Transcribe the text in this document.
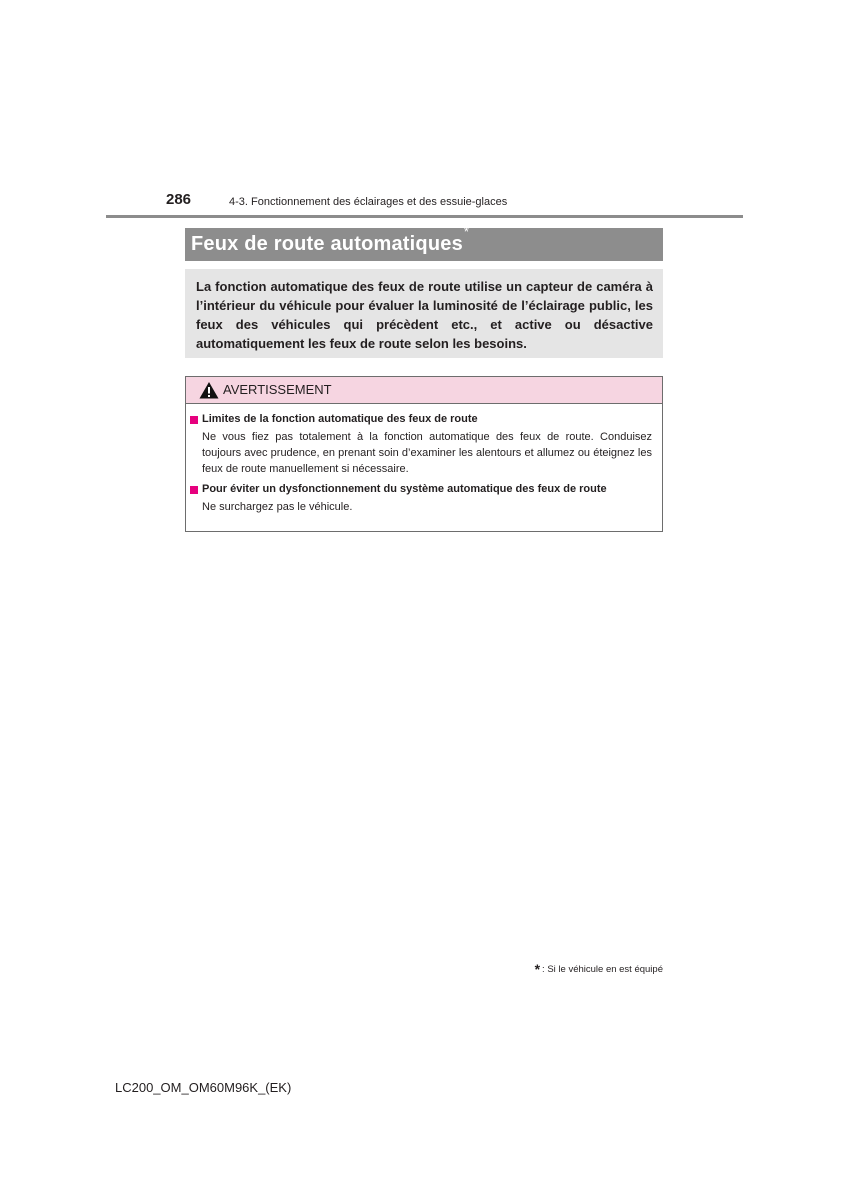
286	4-3. Fonctionnement des éclairages et des essuie-glaces
Feux de route automatiques*

La fonction automatique des feux de route utilise un capteur de caméra à l’intérieur du véhicule pour évaluer la luminosité de l’éclairage public, les feux des véhicules qui précèdent etc., et active ou désactive automatiquement les feux de route selon les besoins.

AVERTISSEMENT
Limites de la fonction automatique des feux de route

Ne vous fiez pas totalement à la fonction automatique des feux de route. Conduisez toujours avec prudence, en prenant soin d’examiner les alentours et allumez ou éteignez les feux de route manuellement si nécessaire.

Pour éviter un dysfonctionnement du système automatique des feux de route

Ne surchargez pas le véhicule.

* : Si le véhicule en est équipé
LC200_OM_OM60M96K_(EK)
